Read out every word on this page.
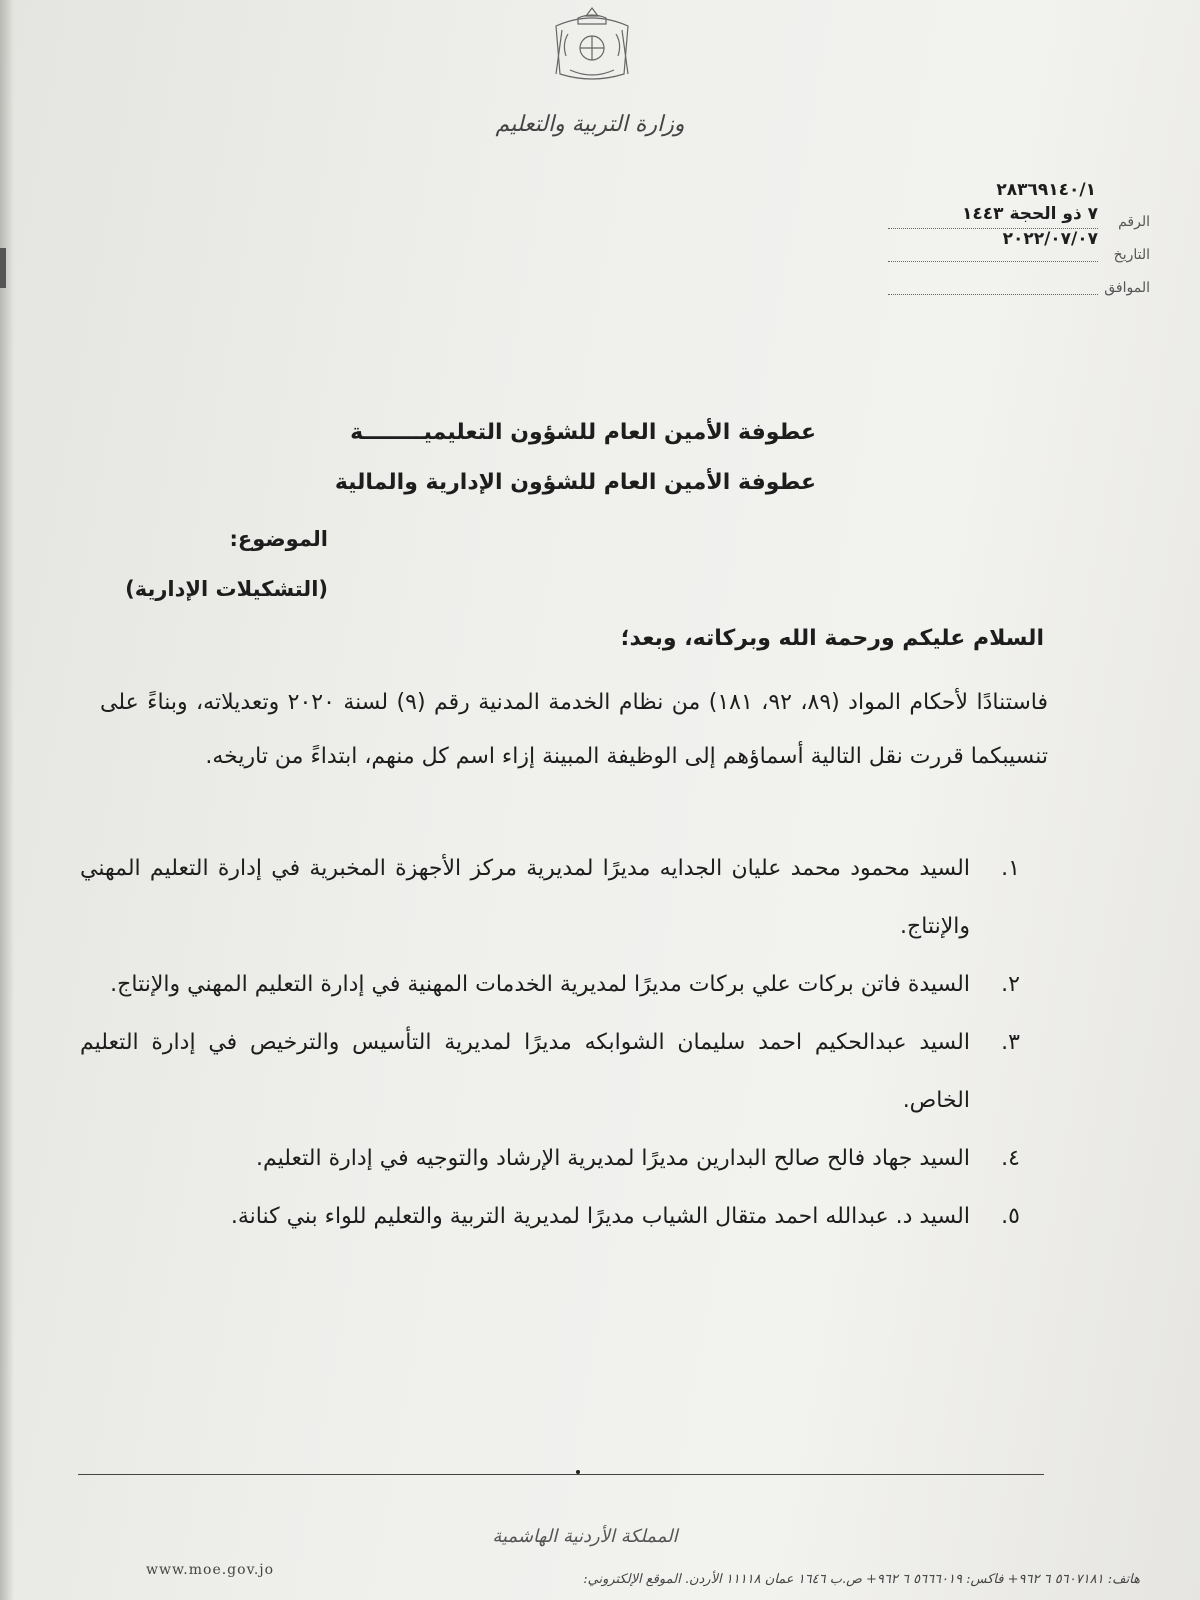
وزارة التربية والتعليم
٢٨٣٦٩١٤٠/١
الرقم
٧ ذو الحجة ١٤٤٣
التاريخ
٢٠٢٢/٠٧/٠٧
الموافق
عطوفة الأمين العام للشؤون التعليميــــــــة
عطوفة الأمين العام للشؤون الإدارية والمالية
الموضوع:
(التشكيلات الإدارية)
السلام عليكم ورحمة الله وبركاته، وبعد؛
فاستنادًا لأحكام المواد (٨٩، ٩٢، ١٨١) من نظام الخدمة المدنية رقم (٩) لسنة ٢٠٢٠ وتعديلاته، وبناءً على تنسيبكما قررت نقل التالية أسماؤهم إلى الوظيفة المبينة إزاء اسم كل منهم، ابتداءً من تاريخه.
١.
السيد محمود محمد عليان الجدايه مديرًا لمديرية مركز الأجهزة المخبرية في إدارة التعليم المهني والإنتاج.
٢.
السيدة فاتن بركات علي بركات مديرًا لمديرية الخدمات المهنية في إدارة التعليم المهني والإنتاج.
٣.
السيد عبدالحكيم احمد سليمان الشوابكه مديرًا لمديرية التأسيس والترخيص في إدارة التعليم الخاص.
٤.
السيد جهاد فالح صالح البدارين مديرًا لمديرية الإرشاد والتوجيه في إدارة التعليم.
٥.
السيد د. عبدالله احمد متقال الشياب مديرًا لمديرية التربية والتعليم للواء بني كنانة.
المملكة الأردنية الهاشمية
www.moe.gov.jo
هاتف: ٥٦٠٧١٨١ ٦ ٩٦٢+ فاكس: ٥٦٦٦٠١٩ ٦ ٩٦٢+ ص.ب ١٦٤٦ عمان ١١١١٨ الأردن. الموقع الإلكتروني:
